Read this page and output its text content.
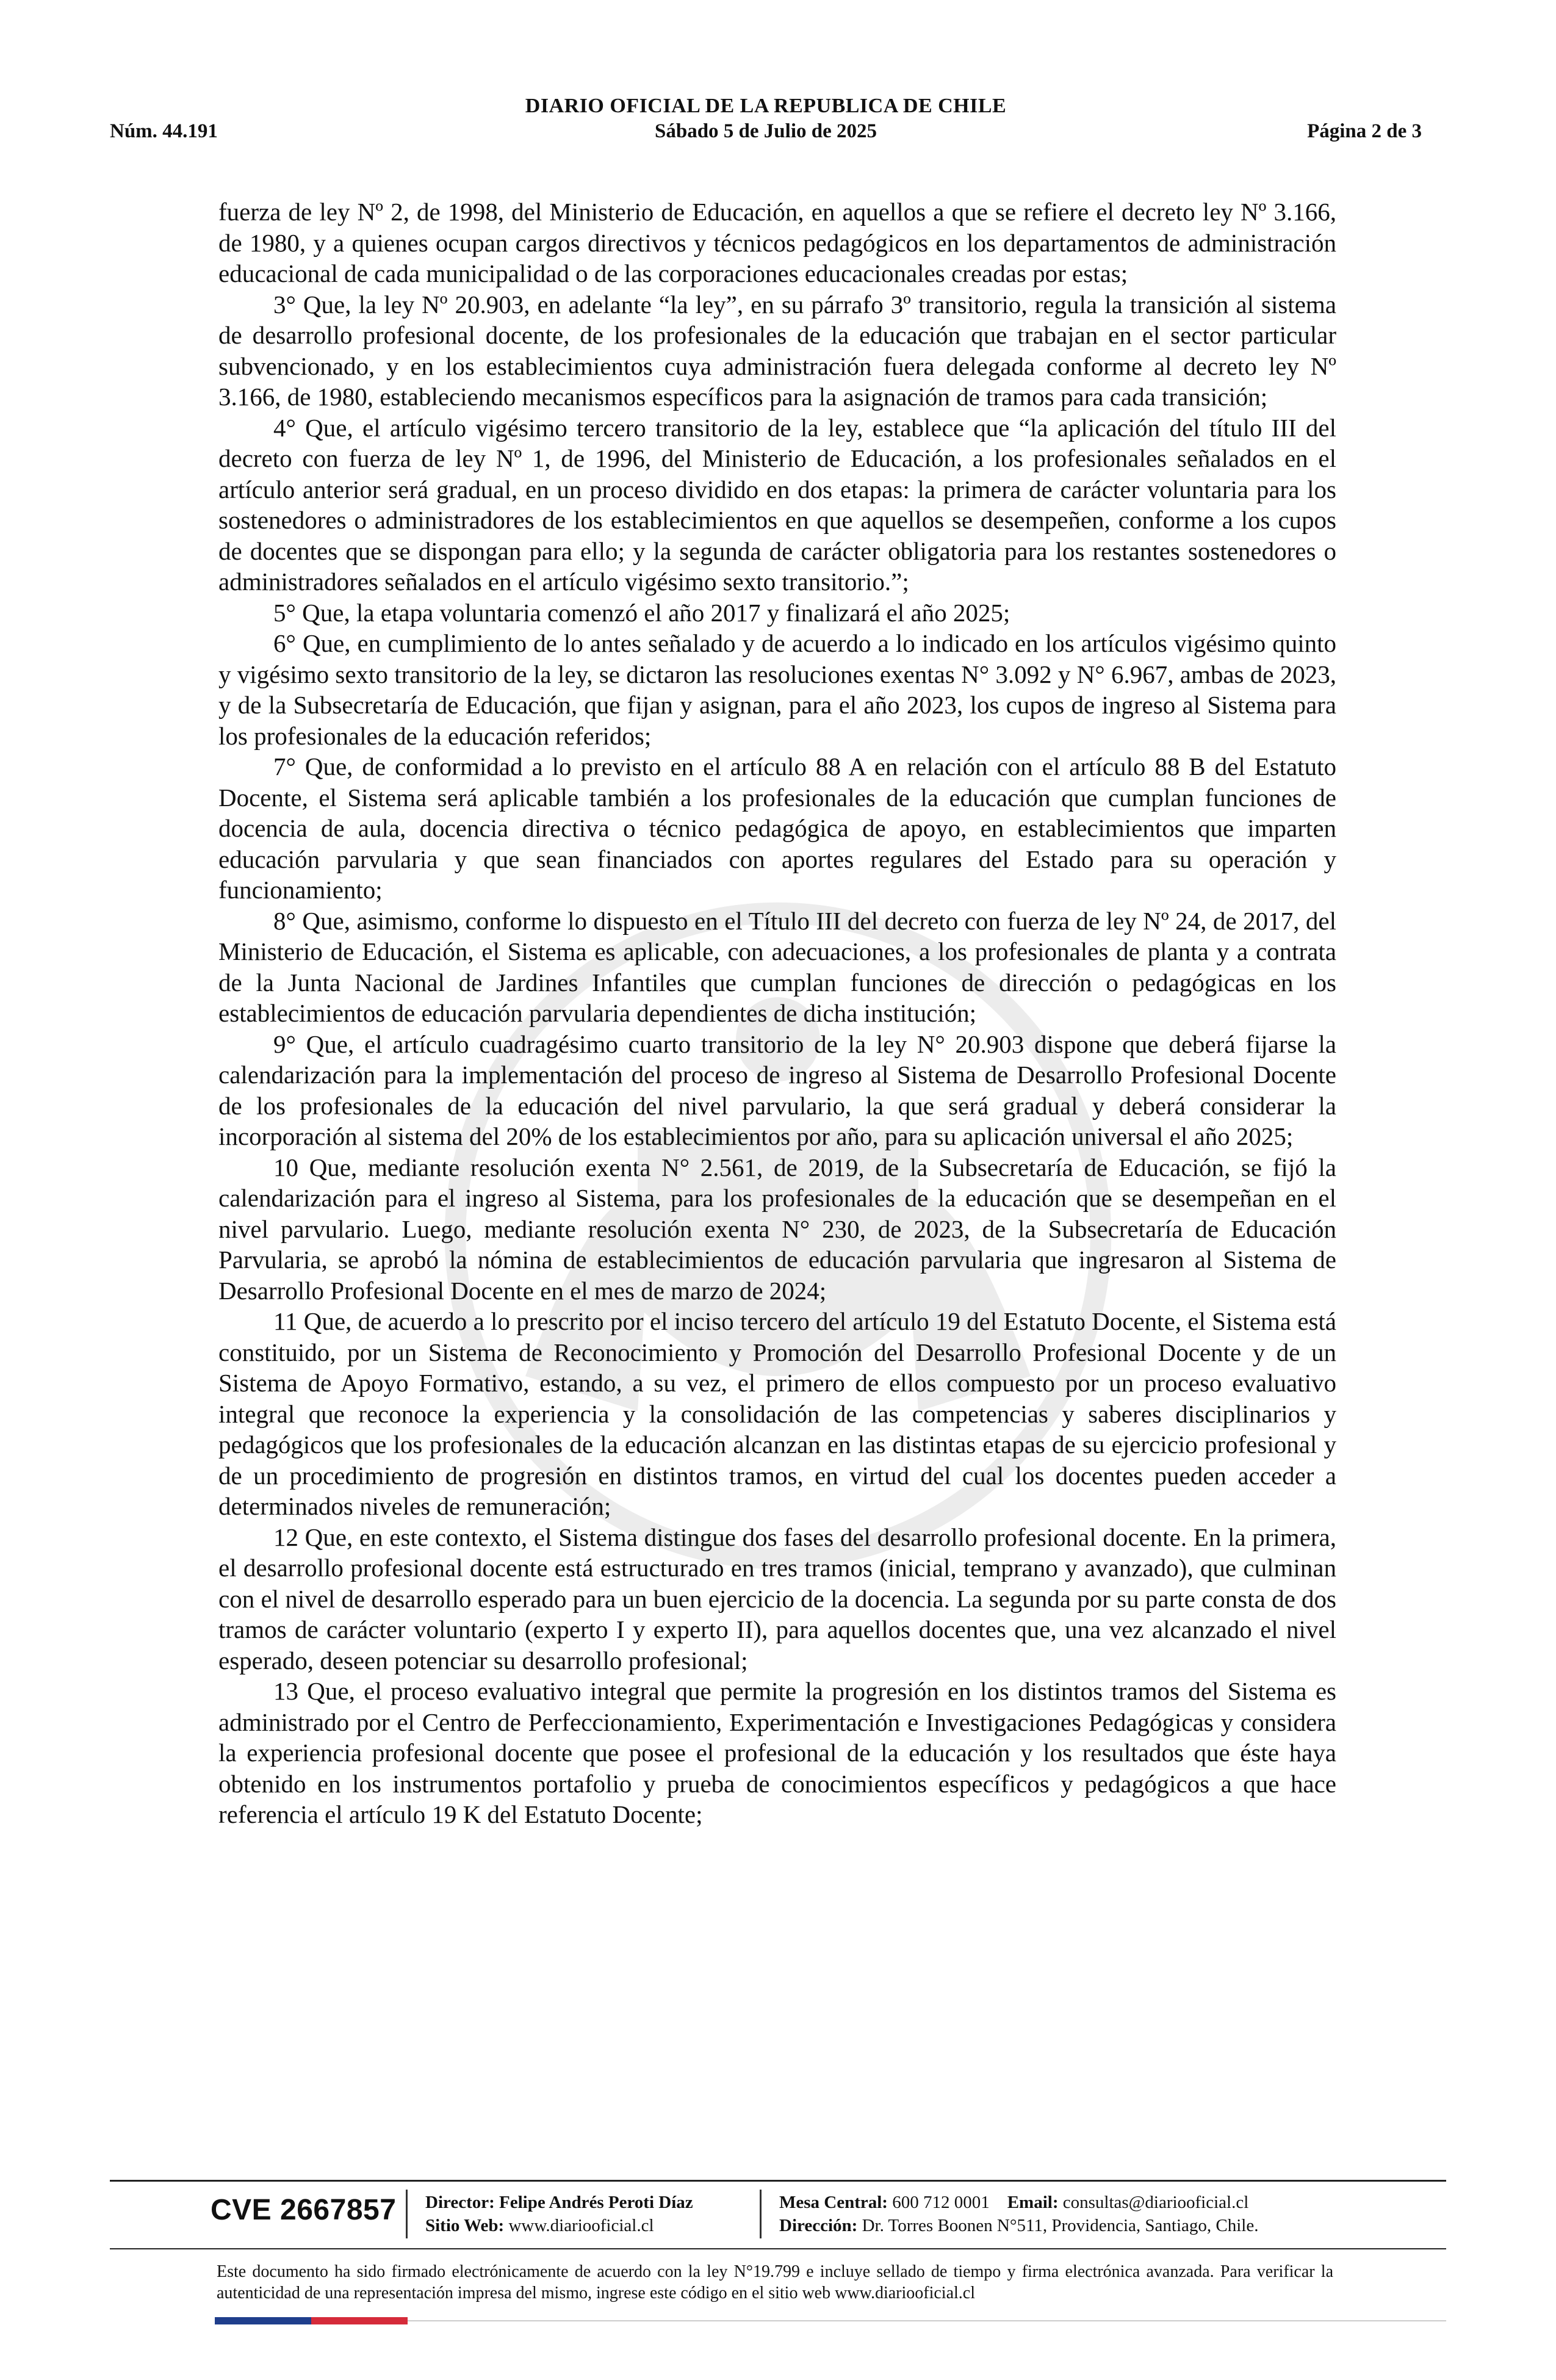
DIARIO OFICIAL DE LA REPUBLICA DE CHILE
Sábado 5 de Julio de 2025
Núm. 44.191	Página 2 de 3

fuerza de ley Nº 2, de 1998, del Ministerio de Educación, en aquellos a que se refiere el decreto ley Nº 3.166, de 1980, y a quienes ocupan cargos directivos y técnicos pedagógicos en los departamentos de administración educacional de cada municipalidad o de las corporaciones educacionales creadas por estas;

3° Que, la ley Nº 20.903, en adelante “la ley”, en su párrafo 3º transitorio, regula la transición al sistema de desarrollo profesional docente, de los profesionales de la educación que trabajan en el sector particular subvencionado, y en los establecimientos cuya administración fuera delegada conforme al decreto ley Nº 3.166, de 1980, estableciendo mecanismos específicos para la asignación de tramos para cada transición;

4° Que, el artículo vigésimo tercero transitorio de la ley, establece que “la aplicación del título III del decreto con fuerza de ley Nº 1, de 1996, del Ministerio de Educación, a los profesionales señalados en el artículo anterior será gradual, en un proceso dividido en dos etapas: la primera de carácter voluntaria para los sostenedores o administradores de los establecimientos en que aquellos se desempeñen, conforme a los cupos de docentes que se dispongan para ello; y la segunda de carácter obligatoria para los restantes sostenedores o administradores señalados en el artículo vigésimo sexto transitorio.”;

5° Que, la etapa voluntaria comenzó el año 2017 y finalizará el año 2025;

6° Que, en cumplimiento de lo antes señalado y de acuerdo a lo indicado en los artículos vigésimo quinto y vigésimo sexto transitorio de la ley, se dictaron las resoluciones exentas N° 3.092 y N° 6.967, ambas de 2023, y de la Subsecretaría de Educación, que fijan y asignan, para el año 2023, los cupos de ingreso al Sistema para los profesionales de la educación referidos;

7° Que, de conformidad a lo previsto en el artículo 88 A en relación con el artículo 88 B del Estatuto Docente, el Sistema será aplicable también a los profesionales de la educación que cumplan funciones de docencia de aula, docencia directiva o técnico pedagógica de apoyo, en establecimientos que imparten educación parvularia y que sean financiados con aportes regulares del Estado para su operación y funcionamiento;

8° Que, asimismo, conforme lo dispuesto en el Título III del decreto con fuerza de ley Nº 24, de 2017, del Ministerio de Educación, el Sistema es aplicable, con adecuaciones, a los profesionales de planta y a contrata de la Junta Nacional de Jardines Infantiles que cumplan funciones de dirección o pedagógicas en los establecimientos de educación parvularia dependientes de dicha institución;

9° Que, el artículo cuadragésimo cuarto transitorio de la ley N° 20.903 dispone que deberá fijarse la calendarización para la implementación del proceso de ingreso al Sistema de Desarrollo Profesional Docente de los profesionales de la educación del nivel parvulario, la que será gradual y deberá considerar la incorporación al sistema del 20% de los establecimientos por año, para su aplicación universal el año 2025;

10 Que, mediante resolución exenta N° 2.561, de 2019, de la Subsecretaría de Educación, se fijó la calendarización para el ingreso al Sistema, para los profesionales de la educación que se desempeñan en el nivel parvulario. Luego, mediante resolución exenta N° 230, de 2023, de la Subsecretaría de Educación Parvularia, se aprobó la nómina de establecimientos de educación parvularia que ingresaron al Sistema de Desarrollo Profesional Docente en el mes de marzo de 2024;

11 Que, de acuerdo a lo prescrito por el inciso tercero del artículo 19 del Estatuto Docente, el Sistema está constituido, por un Sistema de Reconocimiento y Promoción del Desarrollo Profesional Docente y de un Sistema de Apoyo Formativo, estando, a su vez, el primero de ellos compuesto por un proceso evaluativo integral que reconoce la experiencia y la consolidación de las competencias y saberes disciplinarios y pedagógicos que los profesionales de la educación alcanzan en las distintas etapas de su ejercicio profesional y de un procedimiento de progresión en distintos tramos, en virtud del cual los docentes pueden acceder a determinados niveles de remuneración;

12 Que, en este contexto, el Sistema distingue dos fases del desarrollo profesional docente. En la primera, el desarrollo profesional docente está estructurado en tres tramos (inicial, temprano y avanzado), que culminan con el nivel de desarrollo esperado para un buen ejercicio de la docencia. La segunda por su parte consta de dos tramos de carácter voluntario (experto I y experto II), para aquellos docentes que, una vez alcanzado el nivel esperado, deseen potenciar su desarrollo profesional;

13 Que, el proceso evaluativo integral que permite la progresión en los distintos tramos del Sistema es administrado por el Centro de Perfeccionamiento, Experimentación e Investigaciones Pedagógicas y considera la experiencia profesional docente que posee el profesional de la educación y los resultados que éste haya obtenido en los instrumentos portafolio y prueba de conocimientos específicos y pedagógicos a que hace referencia el artículo 19 K del Estatuto Docente;

CVE 2667857 Director: Felipe Andrés Peroti Díaz
Sitio Web: www.diariooficial.cl
Mesa Central: 600 712 0001 Email: consultas@diariooficial.cl
Dirección: Dr. Torres Boonen N°511, Providencia, Santiago, Chile.
Este documento ha sido firmado electrónicamente de acuerdo con la ley N°19.799 e incluye sellado de tiempo y firma electrónica avanzada. Para verificar la autenticidad de una representación impresa del mismo, ingrese este código en el sitio web www.diariooficial.cl
